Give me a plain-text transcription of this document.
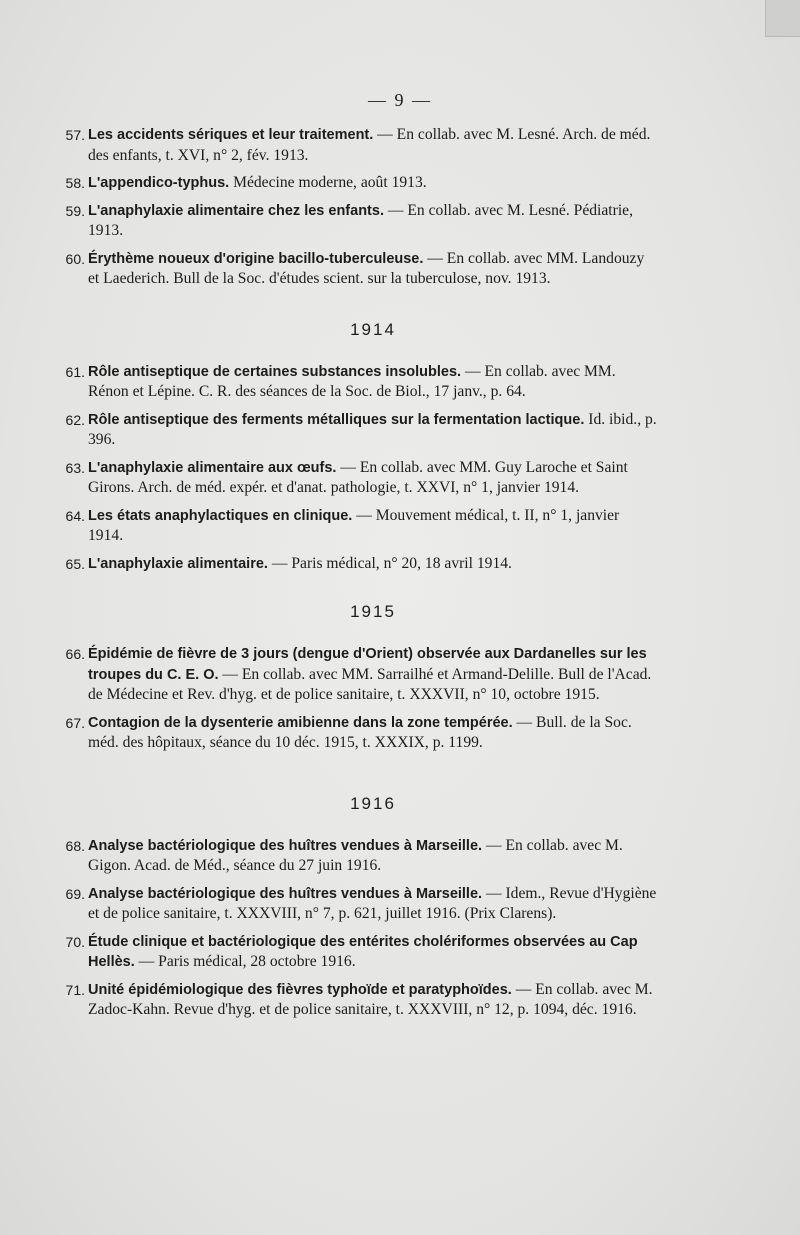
— 9 —
57. Les accidents sériques et leur traitement. — En collab. avec M. Lesné. Arch. de méd. des enfants, t. XVI, n° 2, fév. 1913.
58. L'appendico-typhus. Médecine moderne, août 1913.
59. L'anaphylaxie alimentaire chez les enfants. — En collab. avec M. Lesné. Pédiatrie, 1913.
60. Érythème noueux d'origine bacillo-tuberculeuse. — En collab. avec MM. Landouzy et Laederich. Bull de la Soc. d'études scient. sur la tuberculose, nov. 1913.
1914
61. Rôle antiseptique de certaines substances insolubles. — En collab. avec MM. Rénon et Lépine. C. R. des séances de la Soc. de Biol., 17 janv., p. 64.
62. Rôle antiseptique des ferments métalliques sur la fermentation lactique. Id. ibid., p. 396.
63. L'anaphylaxie alimentaire aux œufs. — En collab. avec MM. Guy Laroche et Saint Girons. Arch. de méd. expér. et d'anat. pathologie, t. XXVI, n° 1, janvier 1914.
64. Les états anaphylactiques en clinique. — Mouvement médical, t. II, n° 1, janvier 1914.
65. L'anaphylaxie alimentaire. — Paris médical, n° 20, 18 avril 1914.
1915
66. Épidémie de fièvre de 3 jours (dengue d'Orient) observée aux Dardanelles sur les troupes du C. E. O. — En collab. avec MM. Sarrailhé et Armand-Delille. Bull de l'Acad. de Médecine et Rev. d'hyg. et de police sanitaire, t. XXXVII, n° 10, octobre 1915.
67. Contagion de la dysenterie amibienne dans la zone tempérée. — Bull. de la Soc. méd. des hôpitaux, séance du 10 déc. 1915, t. XXXIX, p. 1199.
1916
68. Analyse bactériologique des huîtres vendues à Marseille. — En collab. avec M. Gigon. Acad. de Méd., séance du 27 juin 1916.
69. Analyse bactériologique des huîtres vendues à Marseille. — Idem., Revue d'Hygiène et de police sanitaire, t. XXXVIII, n° 7, p. 621, juillet 1916. (Prix Clarens).
70. Étude clinique et bactériologique des entérites cholériformes observées au Cap Hellès. — Paris médical, 28 octobre 1916.
71. Unité épidémiologique des fièvres typhoïde et paratyphoïdes. — En collab. avec M. Zadoc-Kahn. Revue d'hyg. et de police sanitaire, t. XXXVIII, n° 12, p. 1094, déc. 1916.
